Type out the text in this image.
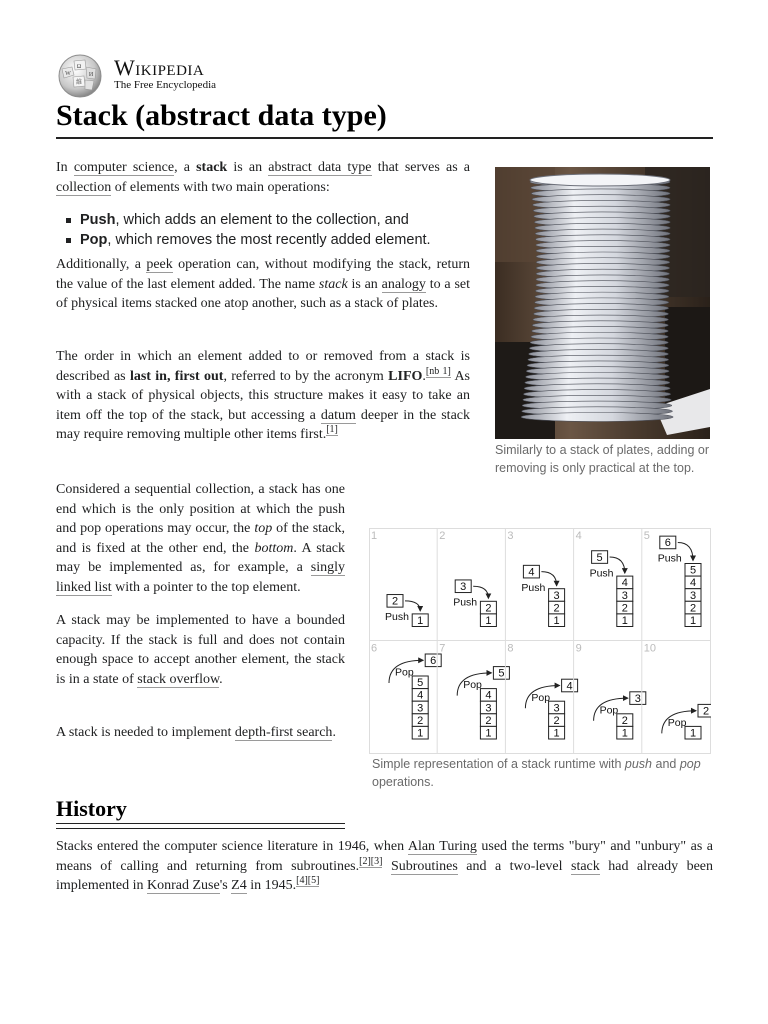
Ω
W	И
維
Wikipedia
The Free Encyclopedia
Stack (abstract data type)

In computer science, a stack is an abstract data type that serves as a collection of elements with two main operations:

Push, which adds an element to the collection, and
Pop, which removes the most recently added element.

Additionally, a peek operation can, without modifying the stack, return the value of the last element added. The name stack is an analogy to a set of physical items stacked one atop another, such as a stack of plates.

The order in which an element added to or removed from a stack is described as last in, first out, referred to by the acronym LIFO.[nb 1] As with a stack of physical objects, this structure makes it easy to take an item off the top of the stack, but accessing a datum deeper in the stack may require removing multiple other items first.[1]

Considered a sequential collection, a stack has one end which is the only position at which the push and pop operations may occur, the top of the stack, and is fixed at the other end, the bottom. A stack may be implemented as, for example, a singly linked list with a pointer to the top element.

A stack may be implemented to have a bounded capacity. If the stack is full and does not contain enough space to accept another element, the stack is in a state of stack overflow.

A stack is needed to implement depth-first search.

Similarly to a stack of plates, adding or removing is only practical at the top.

1
1
2
Push
2
2
1
3
Push
3
3
2
1
4
Push
4
4
3
2
1
5
Push
5
5
4
3
2
1
6
Push
6
5
4
3
2
1
6
Pop
7
4
3
2
1
5
Pop
8
3
2
1
4
Pop
9
2
1
3
Pop
10
1
2
Pop

Simple representation of a stack runtime with push and pop operations.

History

Stacks entered the computer science literature in 1946, when Alan Turing used the terms "bury" and "unbury" as a means of calling and returning from subroutines.[2][3] Subroutines and a two-level stack had already been implemented in Konrad Zuse's Z4 in 1945.[4][5]
